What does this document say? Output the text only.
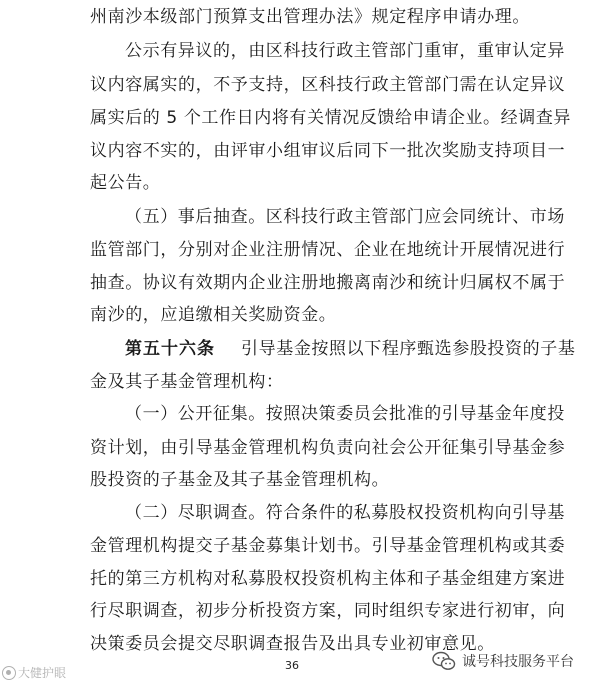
州南沙本级部门预算支出管理办法》规定程序申请办理。
公示有异议的，由区科技行政主管部门重审，重审认定异
议内容属实的，不予支持，区科技行政主管部门需在认定异议
属实后的 5 个工作日内将有关情况反馈给申请企业。经调查异
议内容不实的，由评审小组审议后同下一批次奖励支持项目一
起公告。
（五）事后抽查。区科技行政主管部门应会同统计、市场
监管部门，分别对企业注册情况、企业在地统计开展情况进行
抽查。协议有效期内企业注册地搬离南沙和统计归属权不属于
南沙的，应追缴相关奖励资金。
第五十六条 引导基金按照以下程序甄选参股投资的子基
金及其子基金管理机构：
（一）公开征集。按照决策委员会批准的引导基金年度投
资计划，由引导基金管理机构负责向社会公开征集引导基金参
股投资的子基金及其子基金管理机构。
（二）尽职调查。符合条件的私募股权投资机构向引导基
金管理机构提交子基金募集计划书。引导基金管理机构或其委
托的第三方机构对私募股权投资机构主体和子基金组建方案进
行尽职调查，初步分析投资方案，同时组织专家进行初审，向
决策委员会提交尽职调查报告及出具专业初审意见。
36
大健护眼
诚号科技服务平台
